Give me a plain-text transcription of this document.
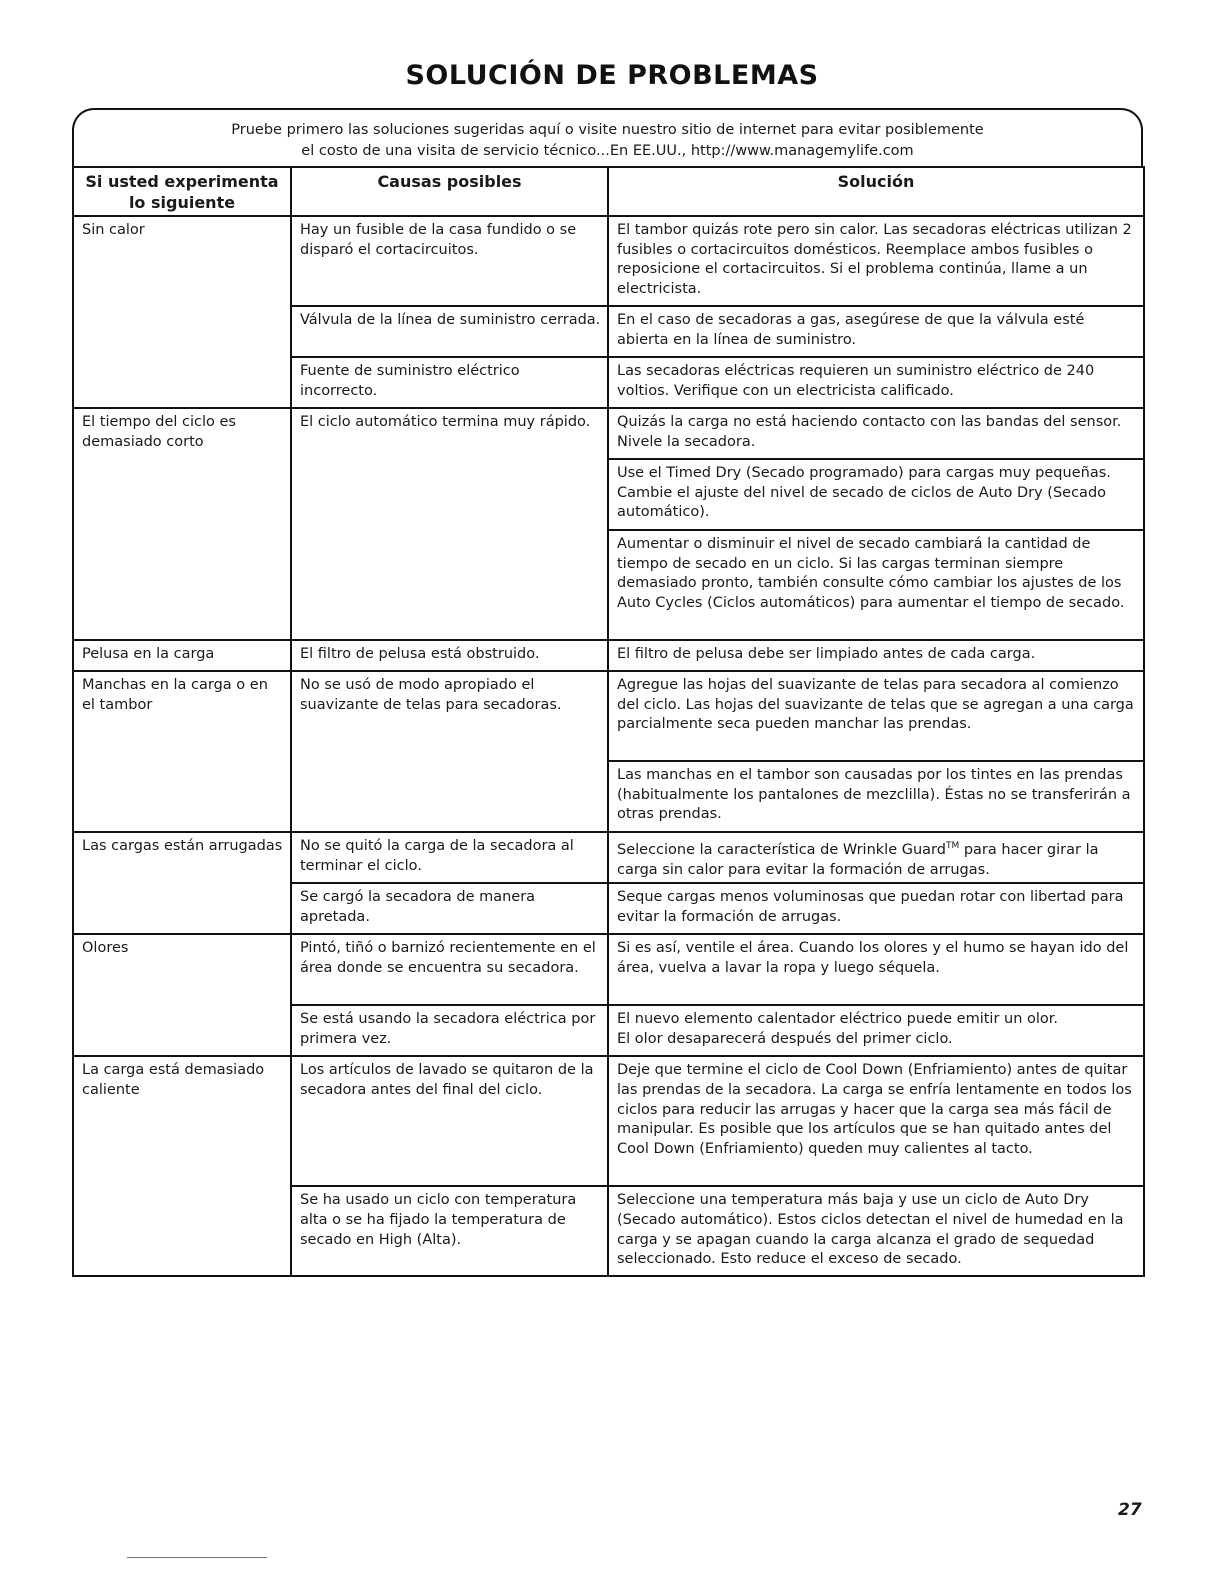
SOLUCIÓN DE PROBLEMAS
Pruebe primero las soluciones sugeridas aquí o visite nuestro sitio de internet para evitar posiblemente
el costo de una visita de servicio técnico...En EE.UU., http://www.managemylife.com
Si usted experimenta
lo siguiente	Causas posibles	Solución
Sin calor	Hay un fusible de la casa fundido o se disparó el cortacircuitos.	El tambor quizás rote pero sin calor. Las secadoras eléctricas utilizan 2 fusibles o cortacircuitos domésticos. Reemplace ambos fusibles o reposicione el cortacircuitos. Si el problema continúa, llame a un electricista.
	Válvula de la línea de suministro cerrada.	En el caso de secadoras a gas, asegúrese de que la válvula esté abierta en la línea de suministro.
	Fuente de suministro eléctrico incorrecto.	Las secadoras eléctricas requieren un suministro eléctrico de 240 voltios. Verifique con un electricista calificado.
El tiempo del ciclo es demasiado corto	El ciclo automático termina muy rápido.	Quizás la carga no está haciendo contacto con las bandas del sensor. Nivele la secadora.
		Use el Timed Dry (Secado programado) para cargas muy pequeñas. Cambie el ajuste del nivel de secado de ciclos de Auto Dry (Secado automático).
		Aumentar o disminuir el nivel de secado cambiará la cantidad de tiempo de secado en un ciclo. Si las cargas terminan siempre demasiado pronto, también consulte cómo cambiar los ajustes de los Auto Cycles (Ciclos automáticos) para aumentar el tiempo de secado.
Pelusa en la carga	El filtro de pelusa está obstruido.	El filtro de pelusa debe ser limpiado antes de cada carga.
Manchas en la carga o en el tambor	No se usó de modo apropiado el suavizante de telas para secadoras.	Agregue las hojas del suavizante de telas para secadora al comienzo del ciclo. Las hojas del suavizante de telas que se agregan a una carga parcialmente seca pueden manchar las prendas.
		Las manchas en el tambor son causadas por los tintes en las prendas (habitualmente los pantalones de mezclilla). Éstas no se transferirán a otras prendas.
Las cargas están arrugadas	No se quitó la carga de la secadora al terminar el ciclo.	Seleccione la característica de Wrinkle Guard™ para hacer girar la carga sin calor para evitar la formación de arrugas.
	Se cargó la secadora de manera apretada.	Seque cargas menos voluminosas que puedan rotar con libertad para evitar la formación de arrugas.
Olores	Pintó, tiñó o barnizó recientemente en el área donde se encuentra su secadora.	Si es así, ventile el área. Cuando los olores y el humo se hayan ido del área, vuelva a lavar la ropa y luego séquela.
	Se está usando la secadora eléctrica por primera vez.	El nuevo elemento calentador eléctrico puede emitir un olor.
El olor desaparecerá después del primer ciclo.

La carga está demasiado caliente	Los artículos de lavado se quitaron de la secadora antes del final del ciclo.	Deje que termine el ciclo de Cool Down (Enfriamiento) antes de quitar las prendas de la secadora. La carga se enfría lentamente en todos los ciclos para reducir las arrugas y hacer que la carga sea más fácil de manipular. Es posible que los artículos que se han quitado antes del Cool Down (Enfriamiento) queden muy calientes al tacto.
	Se ha usado un ciclo con temperatura alta o se ha fijado la temperatura de secado en High (Alta).	Seleccione una temperatura más baja y use un ciclo de Auto Dry (Secado automático). Estos ciclos detectan el nivel de humedad en la carga y se apagan cuando la carga alcanza el grado de sequedad seleccionado. Esto reduce el exceso de secado.
27
